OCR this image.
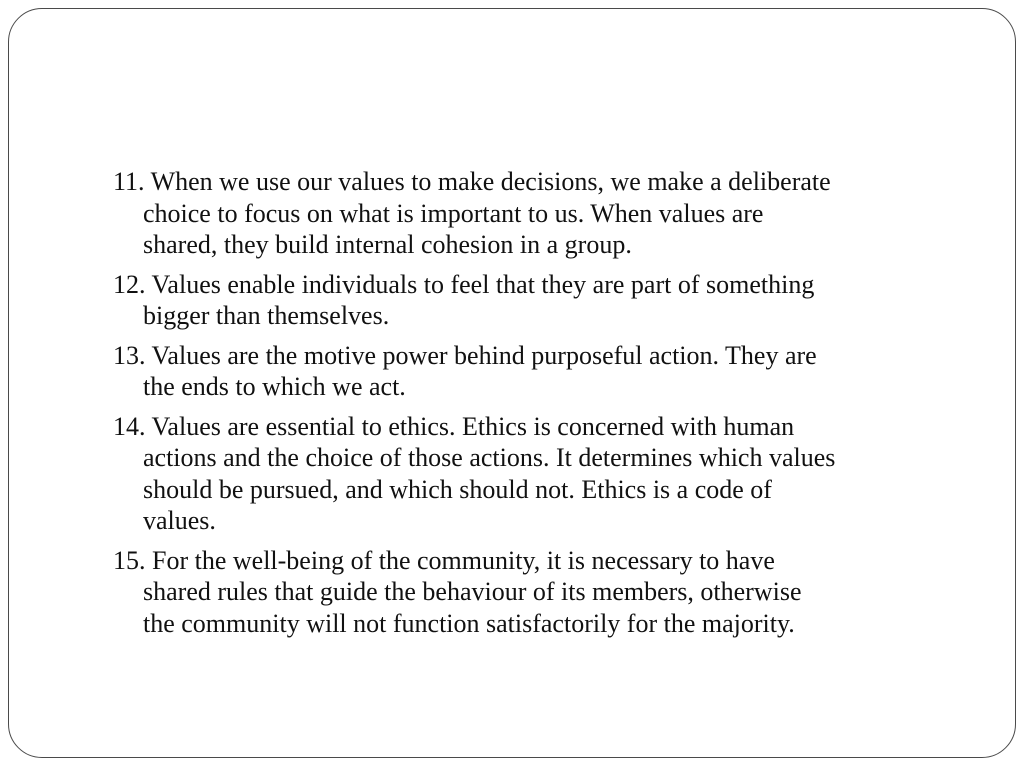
11. When we use our values to make decisions, we make a deliberate
choice to focus on what is important to us. When values are
shared, they build internal cohesion in a group.
12. Values enable individuals to feel that they are part of something
bigger than themselves.
13. Values are the motive power behind purposeful action. They are
the ends to which we act.
14. Values are essential to ethics. Ethics is concerned with human
actions and the choice of those actions. It determines which values
should be pursued, and which should not. Ethics is a code of
values.
15. For the well-being of the community, it is necessary to have
shared rules that guide the behaviour of its members, otherwise
the community will not function satisfactorily for the majority.
